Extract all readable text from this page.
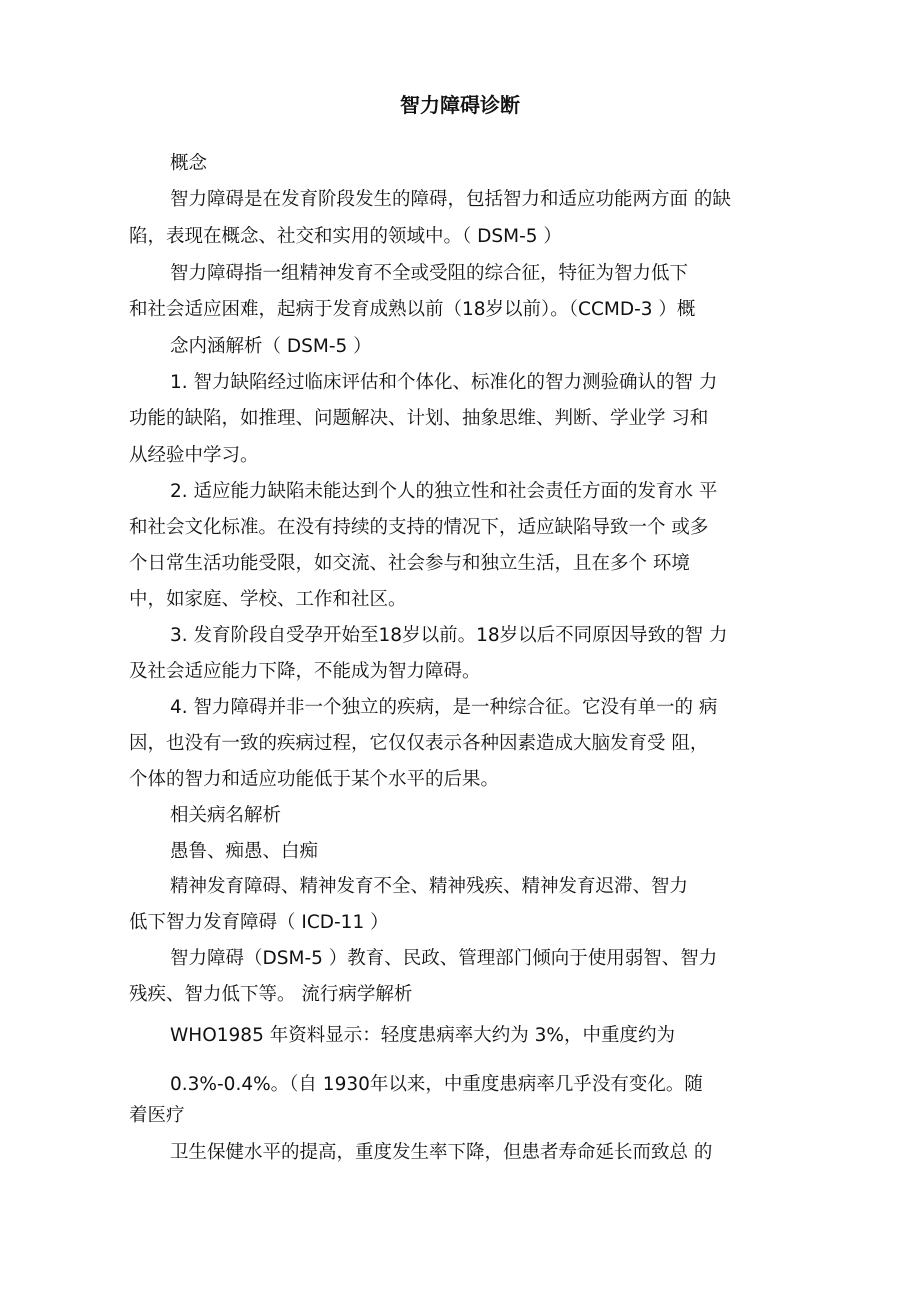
智力障碍诊断

概念

智力障碍是在发育阶段发生的障碍，包括智力和适应功能两方面 的缺

陷，表现在概念、社交和实用的领域中。（ DSM-5 ）

智力障碍指一组精神发育不全或受阻的综合征，特征为智力低下

和社会适应困难，起病于发育成熟以前（18岁以前）。（CCMD-3 ）概

念内涵解析（ DSM-5 ）

1. 智力缺陷经过临床评估和个体化、标准化的智力测验确认的智 力

功能的缺陷，如推理、问题解决、计划、抽象思维、判断、学业学 习和

从经验中学习。

2. 适应能力缺陷未能达到个人的独立性和社会责任方面的发育水 平

和社会文化标准。在没有持续的支持的情况下，适应缺陷导致一个 或多

个日常生活功能受限，如交流、社会参与和独立生活，且在多个 环境

中，如家庭、学校、工作和社区。

3. 发育阶段自受孕开始至18岁以前。18岁以后不同原因导致的智 力

及社会适应能力下降，不能成为智力障碍。

4. 智力障碍并非一个独立的疾病，是一种综合征。它没有单一的 病

因，也没有一致的疾病过程，它仅仅表示各种因素造成大脑发育受 阻，

个体的智力和适应功能低于某个水平的后果。

相关病名解析

愚鲁、痴愚、白痴

精神发育障碍、精神发育不全、精神残疾、精神发育迟滞、智力

低下智力发育障碍（ ICD-11 ）

智力障碍（DSM-5 ）教育、民政、管理部门倾向于使用弱智、智力

残疾、智力低下等。 流行病学解析

WHO1985 年资料显示：轻度患病率大约为 3%，中重度约为

0.3%-0.4%。（自 1930年以来，中重度患病率几乎没有变化。随

着医疗

卫生保健水平的提高，重度发生率下降，但患者寿命延长而致总 的
